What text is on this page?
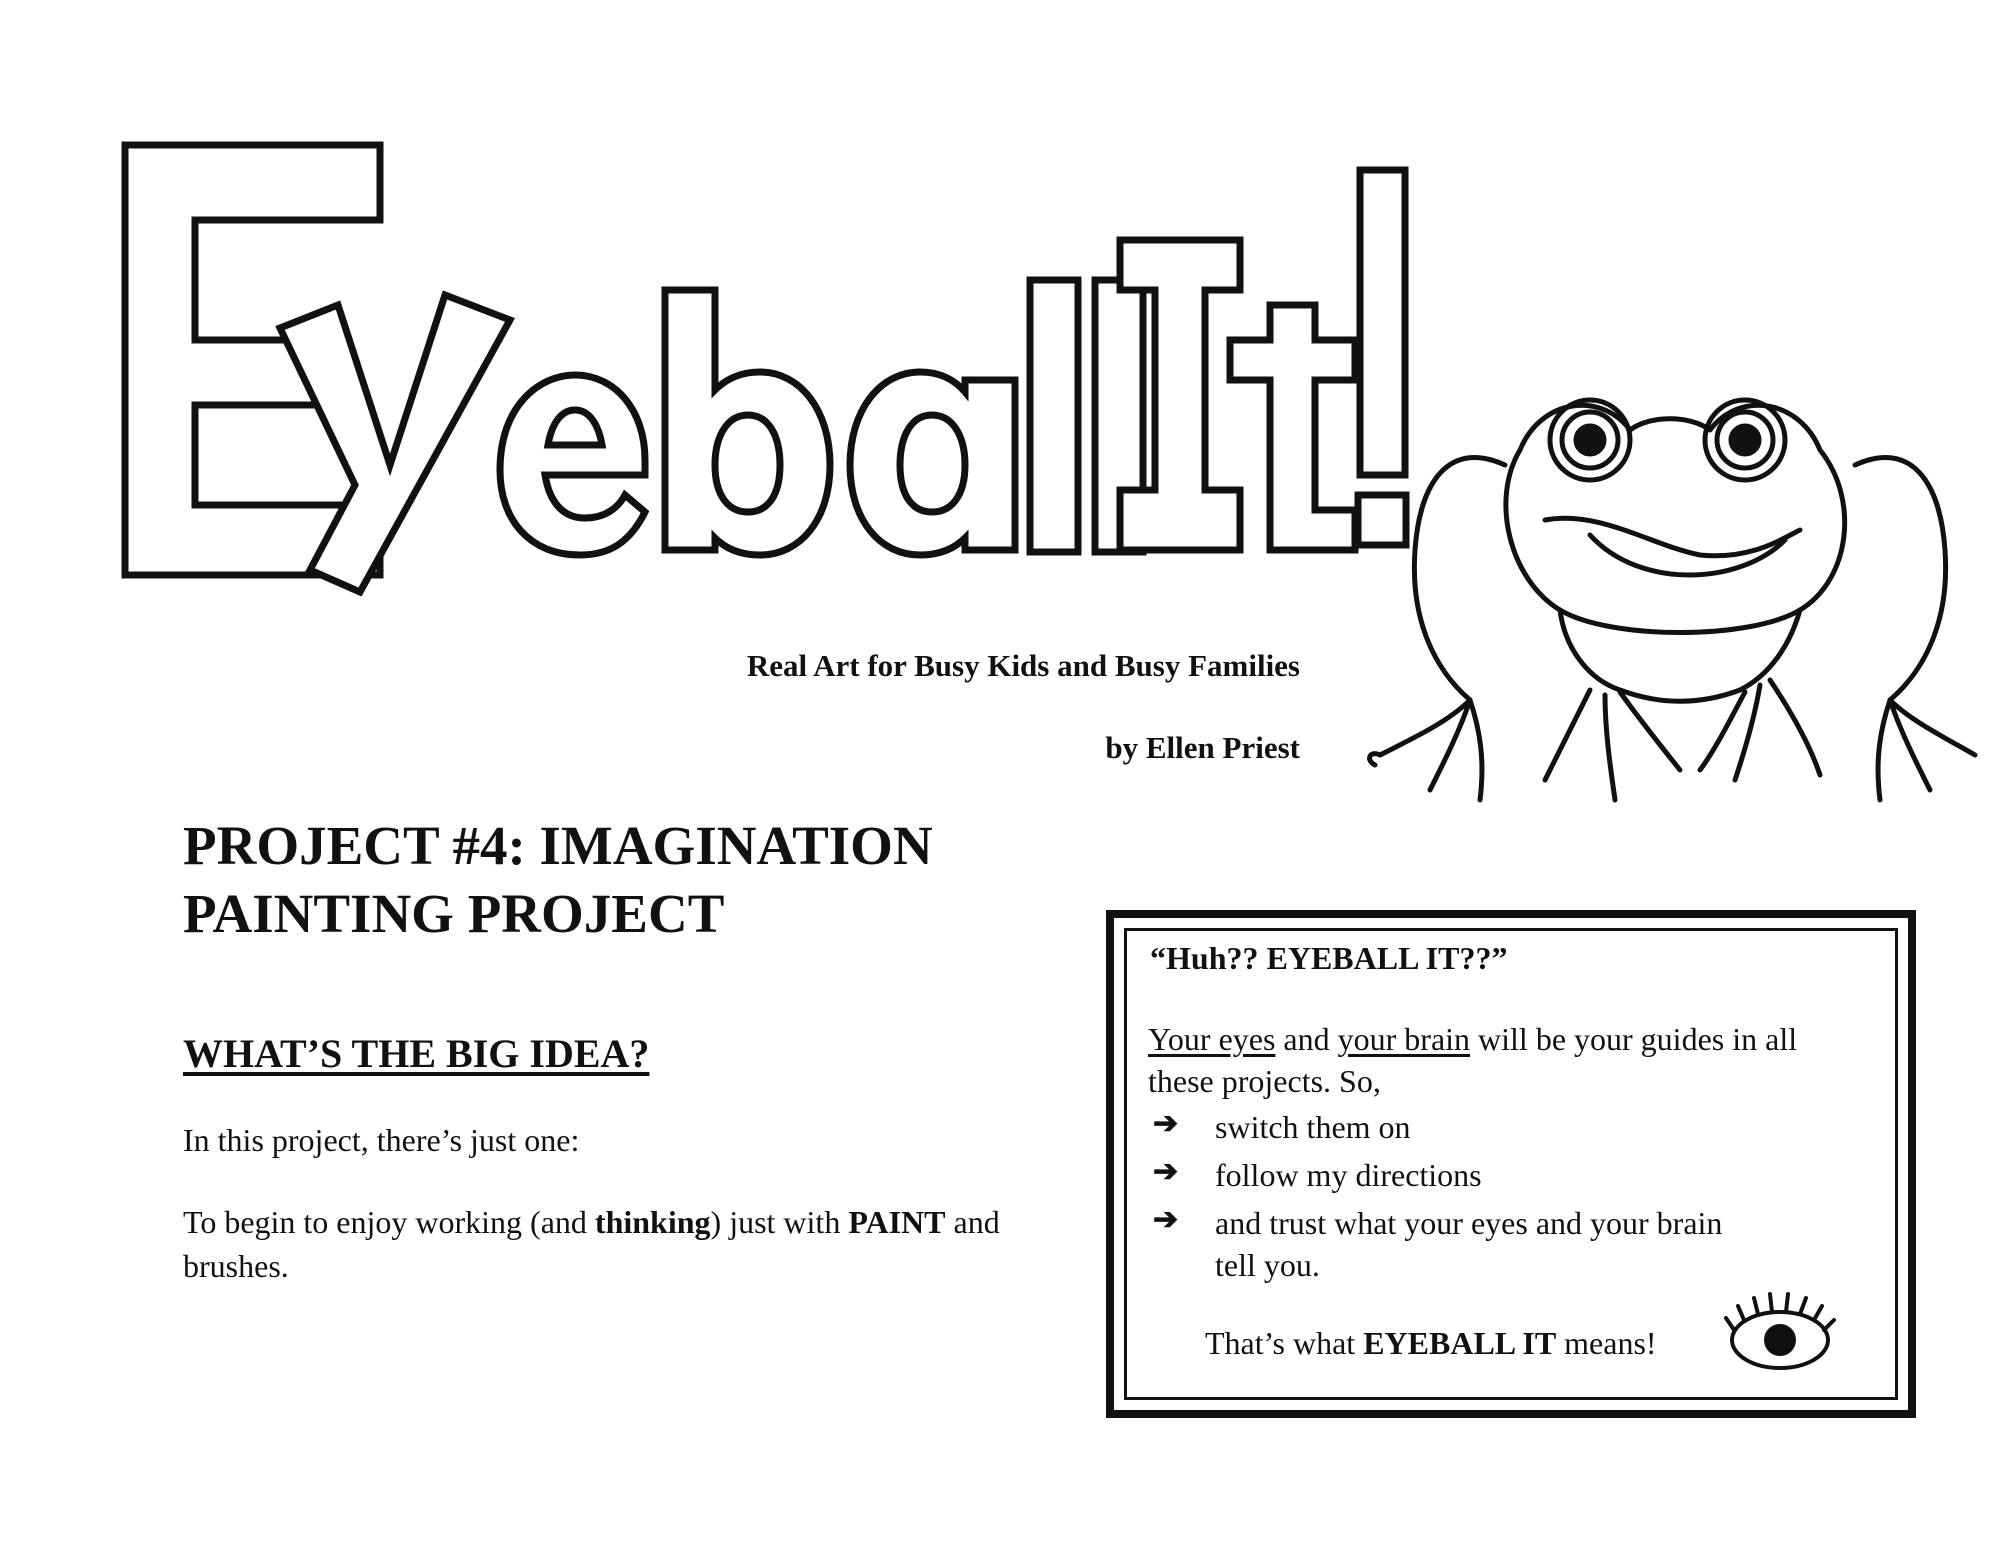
Real Art for Busy Kids and Busy Families
by Ellen Priest
PROJECT #4: IMAGINATION
PAINTING PROJECT
WHAT’S THE BIG IDEA?
In this project, there’s just one:
To begin to enjoy working (and thinking) just with PAINT and brushes.
“Huh?? EYEBALL IT??”
Your eyes and your brain will be your guides in all these projects. So,
➔	switch them on
➔	follow my directions
➔	and trust what your eyes and your brain
tell you.
That’s what EYEBALL IT means!
